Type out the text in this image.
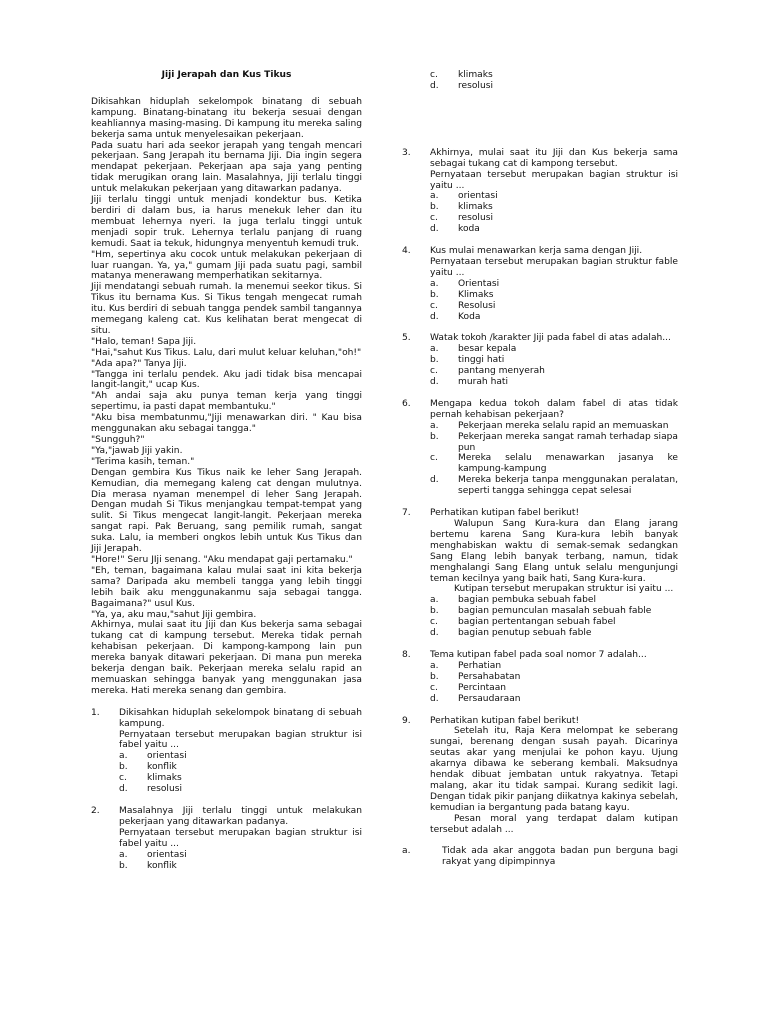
Jiji Jerapah dan Kus Tikus

Dikisahkan hiduplah sekelompok binatang di sebuah kampung. Binatang-binatang itu bekerja sesuai dengan keahliannya masing-masing. Di kampung itu mereka saling bekerja sama untuk menyelesaikan pekerjaan.

Pada suatu hari ada seekor jerapah yang tengah mencari pekerjaan. Sang Jerapah itu bernama Jiji. Dia ingin segera mendapat pekerjaan. Pekerjaan apa saja yang penting tidak merugikan orang lain. Masalahnya, Jiji terlalu tinggi untuk melakukan pekerjaan yang ditawarkan padanya.

Jiji terlalu tinggi untuk menjadi kondektur bus. Ketika berdiri di dalam bus, ia harus menekuk leher dan itu membuat lehernya nyeri. Ia juga terlalu tinggi untuk menjadi sopir truk. Lehernya terlalu panjang di ruang kemudi. Saat ia tekuk, hidungnya menyentuh kemudi truk.

"Hm, sepertinya aku cocok untuk melakukan pekerjaan di luar ruangan. Ya, ya," gumam Jiji pada suatu pagi, sambil matanya menerawang memperhatikan sekitarnya.

Jiji mendatangi sebuah rumah. Ia menemui seekor tikus. Si Tikus itu bernama Kus. Si Tikus tengah mengecat rumah itu. Kus berdiri di sebuah tangga pendek sambil tangannya memegang kaleng cat. Kus kelihatan berat mengecat di situ.

"Halo, teman! Sapa Jiji.

"Hai,"sahut Kus Tikus. Lalu, dari mulut keluar keluhan,"oh!"

"Ada apa?" Tanya Jiji.

"Tangga ini terlalu pendek. Aku jadi tidak bisa mencapai langit-langit," ucap Kus.

"Ah andai saja aku punya teman kerja yang tinggi sepertimu, ia pasti dapat membantuku."

"Aku bisa membatunmu,"Jiji menawarkan diri. " Kau bisa menggunakan aku sebagai tangga."

"Sungguh?"

"Ya,"jawab Jiji yakin.

"Terima kasih, teman."

Dengan gembira Kus Tikus naik ke leher Sang Jerapah. Kemudian, dia memegang kaleng cat dengan mulutnya. Dia merasa nyaman menempel di leher Sang Jerapah. Dengan mudah Si Tikus menjangkau tempat-tempat yang sulit. Si Tikus mengecat langit-langit. Pekerjaan mereka sangat rapi. Pak Beruang, sang pemilik rumah, sangat suka. Lalu, ia memberi ongkos lebih untuk Kus Tikus dan Jiji Jerapah.

"Hore!" Seru JIji senang. "Aku mendapat gaji pertamaku."

"Eh, teman, bagaimana kalau mulai saat ini kita bekerja sama? Daripada aku membeli tangga yang lebih tinggi lebih baik aku menggunakanmu saja sebagai tangga. Bagaimana?" usul Kus.

"Ya, ya, aku mau,"sahut Jiji gembira.

Akhirnya, mulai saat itu Jiji dan Kus bekerja sama sebagai tukang cat di kampung tersebut. Mereka tidak pernah kehabisan pekerjaan. Di kampong-kampong lain pun mereka banyak ditawari pekerjaan. Di mana pun mereka bekerja dengan baik. Pekerjaan mereka selalu rapid an memuaskan sehingga banyak yang menggunakan jasa mereka. Hati mereka senang dan gembira.

1.	Dikisahkan hiduplah sekelompok binatang di sebuah kampung.

Pernyataan tersebut merupakan bagian struktur isi fabel yaitu ...

a.	orientasi
b.	konflik
c.	klimaks
d.	resolusi
2.	Masalahnya Jiji terlalu tinggi untuk melakukan pekerjaan yang ditawarkan padanya.

Pernyataan tersebut merupakan bagian struktur isi fabel yaitu ...

a.	orientasi
b.	konflik
c.	klimaks
d.	resolusi
3.	Akhirnya, mulai saat itu Jiji dan Kus bekerja sama sebagai tukang cat di kampong tersebut.

Pernyataan tersebut merupakan bagian struktur isi yaitu ...

a.	orientasi
b.	klimaks
c.	resolusi
d.	koda
4.	Kus mulai menawarkan kerja sama dengan Jiji.

Pernyataan tersebut merupakan bagian struktur fable yaitu ...

a.	Orientasi
b.	Klimaks
c.	Resolusi
d.	Koda
5.	Watak tokoh /karakter Jiji pada fabel di atas adalah...

a.	besar kepala
b.	tinggi hati
c.	pantang menyerah
d.	murah hati
6.	Mengapa kedua tokoh dalam fabel di atas tidak pernah kehabisan pekerjaan?

a.	Pekerjaan mereka selalu rapid an memuaskan
b.	Pekerjaan mereka sangat ramah terhadap siapa pun
c.	Mereka selalu menawarkan jasanya ke kampung-kampung
d.	Mereka bekerja tanpa menggunakan peralatan, seperti tangga sehingga cepat selesai
7.	Perhatikan kutipan fabel berikut!

Walupun Sang Kura-kura dan Elang jarang bertemu karena Sang Kura-kura lebih banyak menghabiskan waktu di semak-semak sedangkan Sang Elang lebih banyak terbang, namun, tidak menghalangi Sang Elang untuk selalu mengunjungi teman kecilnya yang baik hati, Sang Kura-kura.

Kutipan tersebut merupakan struktur isi yaitu ...

a.	bagian pembuka sebuah fabel
b.	bagian pemunculan masalah sebuah fable
c.	bagian pertentangan sebuah fabel
d.	bagian penutup sebuah fable
8.	Tema kutipan fabel pada soal nomor 7 adalah...

a.	Perhatian
b.	Persahabatan
c.	Percintaan
d.	Persaudaraan
9.	Perhatikan kutipan fabel berikut!

Setelah itu, Raja Kera melompat ke seberang sungai, berenang dengan susah payah. Dicarinya seutas akar yang menjulai ke pohon kayu. Ujung akarnya dibawa ke seberang kembali. Maksudnya hendak dibuat jembatan untuk rakyatnya. Tetapi malang, akar itu tidak sampai. Kurang sedikit lagi. Dengan tidak pikir panjang diikatnya kakinya sebelah, kemudian ia bergantung pada batang kayu.

Pesan moral yang terdapat dalam kutipan tersebut adalah ...

a.	Tidak ada akar anggota badan pun berguna bagi rakyat yang dipimpinnya
